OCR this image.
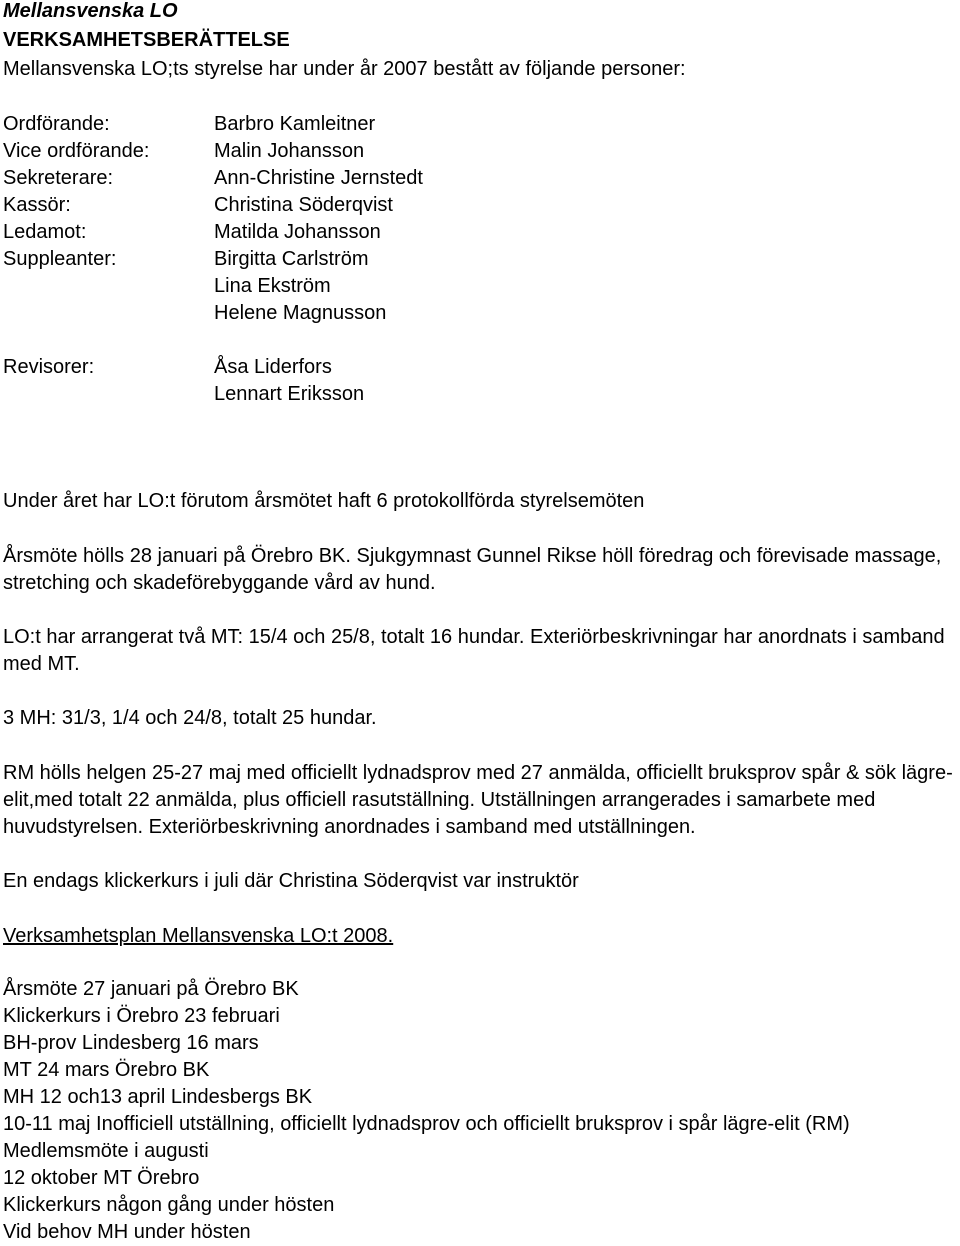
Mellansvenska LO

VERKSAMHETSBERÄTTELSE

Mellansvenska LO;ts styrelse har under år 2007 bestått av följande personer:

Ordförande:
Vice ordförande:
Sekreterare:
Kassör:
Ledamot:
Suppleanter:
Revisorer:
Barbro Kamleitner
Malin Johansson
Ann-Christine Jernstedt
Christina Söderqvist
Matilda Johansson
Birgitta Carlström
Lina Ekström
Helene Magnusson
Åsa Liderfors
Lennart Eriksson

Under året har LO:t förutom årsmötet haft 6 protokollförda styrelsemöten

Årsmöte hölls 28 januari på Örebro BK. Sjukgymnast Gunnel Rikse höll föredrag och förevisade massage, stretching och skadeförebyggande vård av hund.

LO:t har arrangerat två MT: 15/4 och 25/8, totalt 16 hundar. Exteriörbeskrivningar har anordnats i samband med MT.

3 MH: 31/3, 1/4 och 24/8, totalt 25 hundar.

RM hölls helgen 25-27 maj med officiellt lydnadsprov med 27 anmälda, officiellt bruksprov spår & sök lägre-elit,med totalt 22 anmälda, plus officiell rasutställning. Utställningen arrangerades i samarbete med huvudstyrelsen. Exteriörbeskrivning anordnades i samband med utställningen.

En endags klickerkurs i juli där Christina Söderqvist var instruktör

Verksamhetsplan Mellansvenska LO:t 2008.

Årsmöte 27 januari på Örebro BK
Klickerkurs i Örebro 23 februari
BH-prov Lindesberg 16 mars
MT 24 mars Örebro BK
MH 12 och13 april Lindesbergs BK
10-11 maj Inofficiell utställning, officiellt lydnadsprov och officiellt bruksprov i spår lägre-elit (RM)
Medlemsmöte i augusti
12 oktober MT Örebro
Klickerkurs någon gång under hösten
Vid behov MH under hösten
